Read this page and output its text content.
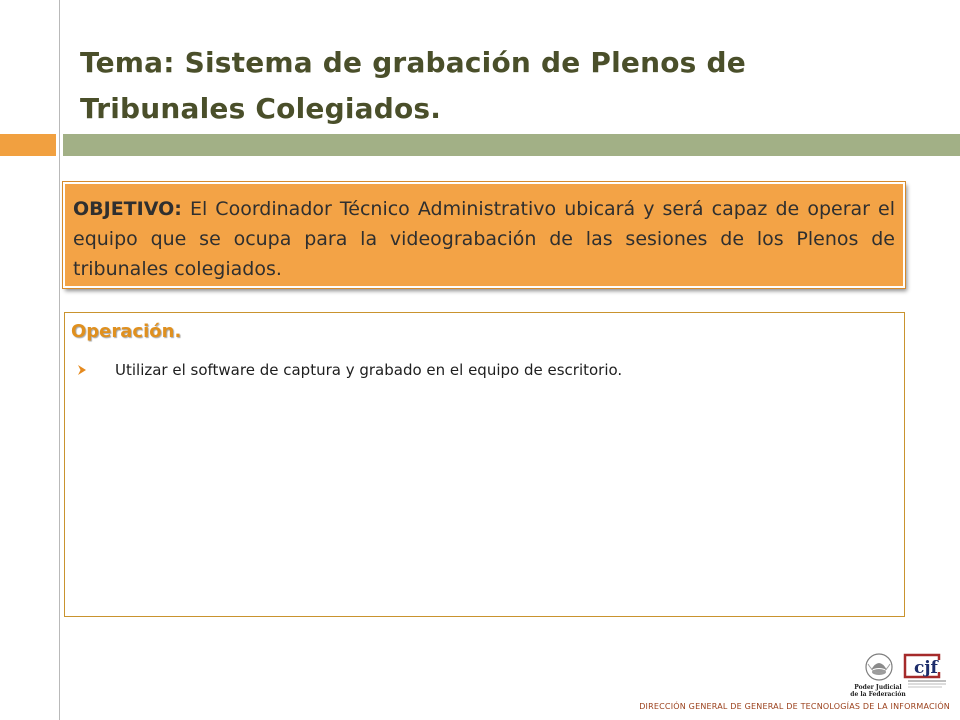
Tema: Sistema de grabación de Plenos de Tribunales Colegiados.

OBJETIVO: El Coordinador Técnico Administrativo ubicará y será capaz de operar el equipo que se ocupa para la videograbación de las sesiones de los Plenos de tribunales colegiados.

Operación.

Utilizar el software de captura y grabado en el equipo de escritorio.

Poder Judicial
de la Federación
cjf

DIRECCIÓN GENERAL DE GENERAL DE TECNOLOGÍAS DE LA INFORMACIÓN
